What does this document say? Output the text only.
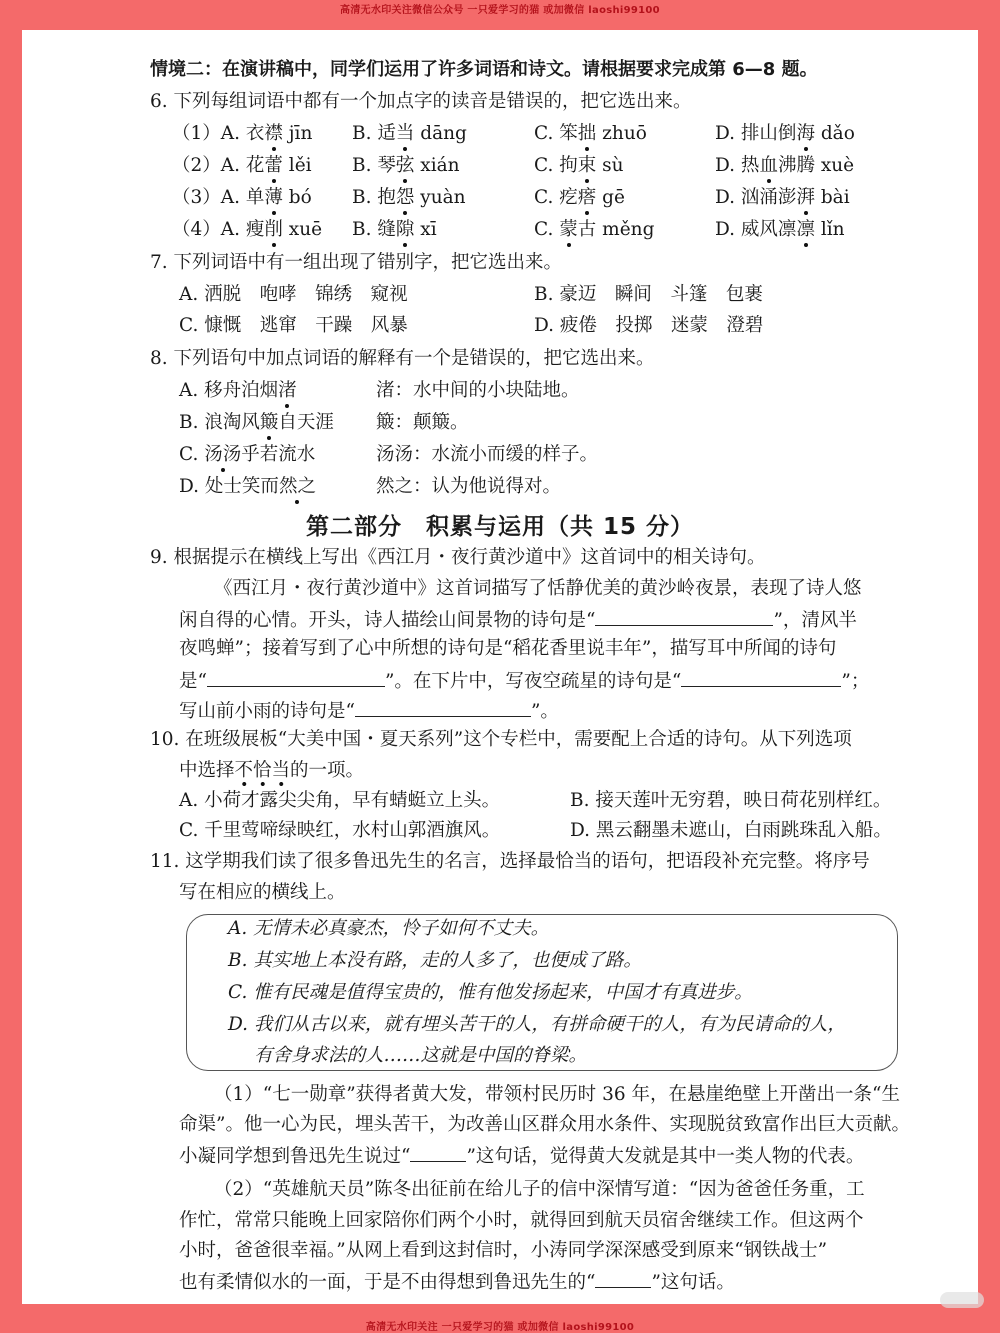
高清无水印关注微信公众号 一只爱学习的猫 或加微信 laoshi99100
情境二：在演讲稿中，同学们运用了许多词语和诗文。请根据要求完成第 6—8 题。
6. 下列每组词语中都有一个加点字的读音是错误的，把它选出来。
（1）A. 衣襟 jīn B. 适当 dāng	C. 笨拙 zhuō	D. 排山倒海 dǎo
（2）A. 花蕾 lěi B. 琴弦 xián	C. 拘束 sù	D. 热血沸腾 xuè
（3）A. 单薄 bó B. 抱怨 yuàn	C. 疙瘩 gē	D. 汹涌澎湃 bài
（4）A. 瘦削 xuē B. 缝隙 xī	C. 蒙古 měng	D. 威风凛凛 lǐn
7. 下列词语中有一组出现了错别字，把它选出来。
A. 洒脱　咆哮　锦绣　窥视	B. 豪迈　瞬间　斗篷　包裹
C. 慷慨　逃窜　干躁　风暴	D. 疲倦　投掷　迷蒙　澄碧
8. 下列语句中加点词语的解释有一个是错误的，把它选出来。
A. 移舟泊烟渚	渚：水中间的小块陆地。
B. 浪淘风簸自天涯 簸：颠簸。
C. 汤汤乎若流水	汤汤：水流小而缓的样子。
D. 处士笑而然之	然之：认为他说得对。
第二部分　积累与运用（共 15 分）
9. 根据提示在横线上写出《西江月・夜行黄沙道中》这首词中的相关诗句。
《西江月・夜行黄沙道中》这首词描写了恬静优美的黄沙岭夜景，表现了诗人悠
闲自得的心情。开头，诗人描绘山间景物的诗句是“	”，清风半
夜鸣蝉”；接着写到了心中所想的诗句是“稻花香里说丰年”，描写耳中所闻的诗句
是“	”。在下片中，写夜空疏星的诗句是“	”；
写山前小雨的诗句是“	”。
10. 在班级展板“大美中国・夏天系列”这个专栏中，需要配上合适的诗句。从下列选项
中选择不恰当的一项。
A. 小荷才露尖尖角，早有蜻蜓立上头。	B. 接天莲叶无穷碧，映日荷花别样红。
C. 千里莺啼绿映红，水村山郭酒旗风。	D. 黑云翻墨未遮山，白雨跳珠乱入船。
11. 这学期我们读了很多鲁迅先生的名言，选择最恰当的语句，把语段补充完整。将序号
写在相应的横线上。
A. 无情未必真豪杰，怜子如何不丈夫。
B. 其实地上本没有路，走的人多了，也便成了路。
C. 惟有民魂是值得宝贵的，惟有他发扬起来，中国才有真进步。
D. 我们从古以来，就有埋头苦干的人，有拼命硬干的人，有为民请命的人，
有舍身求法的人……这就是中国的脊梁。
（1）“七一勋章”获得者黄大发，带领村民历时 36 年，在悬崖绝壁上开凿出一条“生
命渠”。他一心为民，埋头苦干，为改善山区群众用水条件、实现脱贫致富作出巨大贡献。
小凝同学想到鲁迅先生说过“	”这句话，觉得黄大发就是其中一类人物的代表。
（2）“英雄航天员”陈冬出征前在给儿子的信中深情写道：“因为爸爸任务重，工
作忙，常常只能晚上回家陪你们两个小时，就得回到航天员宿舍继续工作。但这两个
小时，爸爸很幸福。”从网上看到这封信时，小涛同学深深感受到原来“钢铁战士”
也有柔情似水的一面，于是不由得想到鲁迅先生的“	”这句话。
高清无水印关注 一只爱学习的猫 或加微信 laoshi99100
